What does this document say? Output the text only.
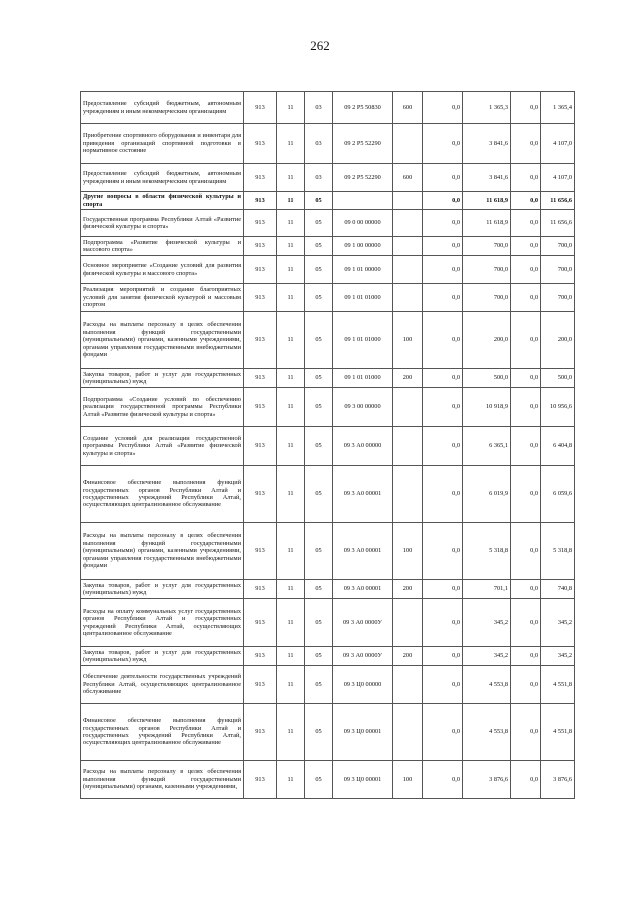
262
Предоставление субсидий бюджетным, автономным учреждениям и иным некоммерческим организациям	913	11	03	09 2 P5 50830	600	0,0	1 365,3	0,0	1 365,4
Приобретение спортивного оборудования и инвентаря для приведения организаций спортивной подготовки в нормативное состояние	913	11	03	09 2 P5 52290		0,0	3 841,6	0,0	4 107,0
Предоставление субсидий бюджетным, автономным учреждениям и иным некоммерческим организациям	913	11	03	09 2 P5 52290	600	0,0	3 841,6	0,0	4 107,0
Другие вопросы в области физической культуры и спорта	913	11	05			0,0	11 618,9	0,0	11 656,6
Государственная программа Республики Алтай «Развитие физической культуры и спорта»	913	11	05	09 0 00 00000		0,0	11 618,9	0,0	11 656,6
Подпрограмма «Развитие физической культуры и массового спорта»	913	11	05	09 1 00 00000		0,0	700,0	0,0	700,0
Основное мероприятие «Создание условий для развития физической культуры и массового спорта»	913	11	05	09 1 01 00000		0,0	700,0	0,0	700,0
Реализация мероприятий и создание благоприятных условий для занятия физической культурой и массовым спортом	913	11	05	09 1 01 01000		0,0	700,0	0,0	700,0
Расходы на выплаты персоналу в целях обеспечения выполнения функций государственными (муниципальными) органами, казенными учреждениями, органами управления государственными внебюджетными фондами	913	11	05	09 1 01 01000	100	0,0	200,0	0,0	200,0
Закупка товаров, работ и услуг для государственных (муниципальных) нужд	913	11	05	09 1 01 01000	200	0,0	500,0	0,0	500,0
Подпрограмма «Создание условий по обеспечению реализации государственной программы Республики Алтай «Развитие физической культуры и спорта»	913	11	05	09 3 00 00000		0,0	10 918,9	0,0	10 956,6
Создание условий для реализации государственной программы Республики Алтай «Развитие физической культуры и спорта»	913	11	05	09 3 А0 00000		0,0	6 365,1	0,0	6 404,8
Финансовое обеспечение выполнения функций государственных органов Республики Алтай и государственных учреждений Республики Алтай, осуществляющих централизованное обслуживание	913	11	05	09 3 А0 00001		0,0	6 019,9	0,0	6 059,6
Расходы на выплаты персоналу в целях обеспечения выполнения функций государственными (муниципальными) органами, казенными учреждениями, органами управления государственными внебюджетными фондами	913	11	05	09 3 А0 00001	100	0,0	5 318,8	0,0	5 318,8
Закупка товаров, работ и услуг для государственных (муниципальных) нужд	913	11	05	09 3 А0 00001	200	0,0	701,1	0,0	740,8
Расходы на оплату коммунальных услуг государственных органов Республики Алтай и государственных учреждений Республики Алтай, осуществляющих централизованное обслуживание	913	11	05	09 3 А0 0000У		0,0	345,2	0,0	345,2
Закупка товаров, работ и услуг для государственных (муниципальных) нужд	913	11	05	09 3 А0 0000У	200	0,0	345,2	0,0	345,2
Обеспечение деятельности государственных учреждений Республики Алтай, осуществляющих централизованное обслуживание	913	11	05	09 3 Ц0 00000		0,0	4 553,8	0,0	4 551,8
Финансовое обеспечение выполнения функций государственных органов Республики Алтай и государственных учреждений Республики Алтай, осуществляющих централизованное обслуживание	913	11	05	09 3 Ц0 00001		0,0	4 553,8	0,0	4 551,8
Расходы на выплаты персоналу в целях обеспечения выполнения функций государственными (муниципальными) органами, казенными учреждениями,	913	11	05	09 3 Ц0 00001	100	0,0	3 876,6	0,0	3 876,6
